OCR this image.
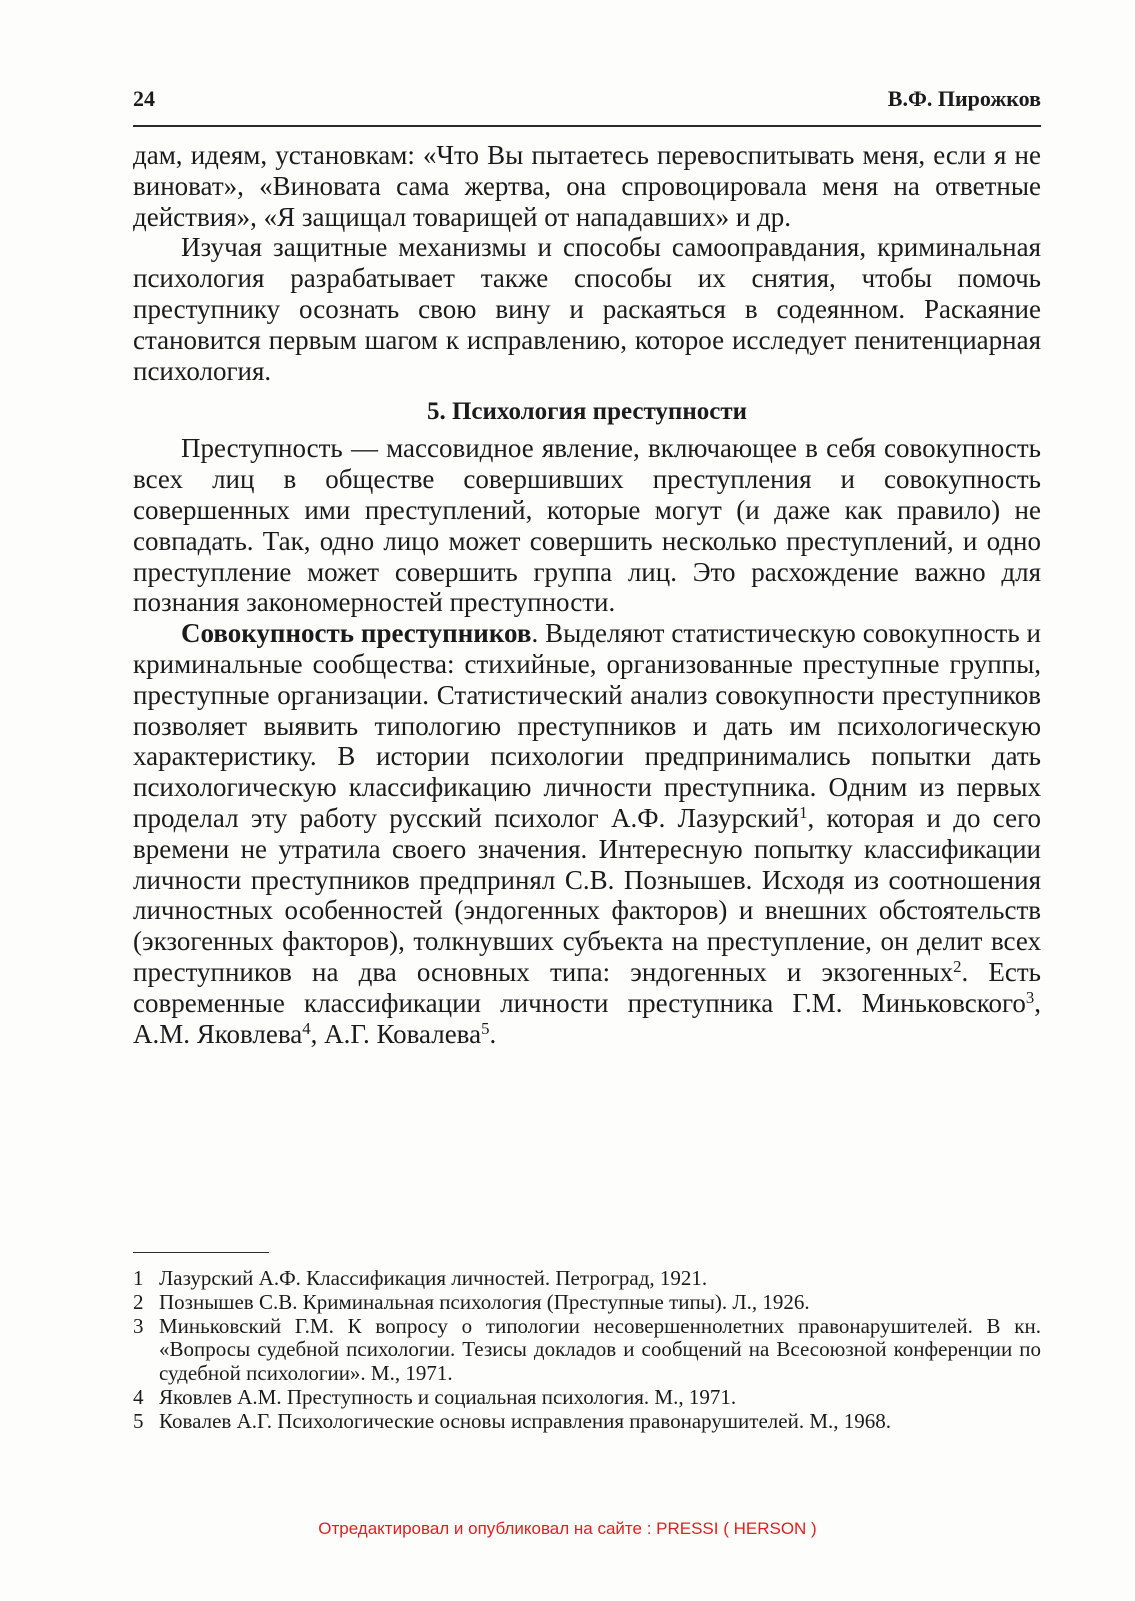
24	В.Ф. Пирожков

дам, идеям, установкам: «Что Вы пытаетесь перевоспитывать меня, если я не виноват», «Виновата сама жертва, она спровоцировала меня на ответные действия», «Я защищал товарищей от нападавших» и др.

Изучая защитные механизмы и способы самооправдания, криминальная психология разрабатывает также способы их снятия, чтобы помочь преступнику осознать свою вину и раскаяться в содеянном. Раскаяние становится первым шагом к исправлению, которое исследует пенитенциарная психология.

5. Психология преступности

Преступность — массовидное явление, включающее в себя совокупность всех лиц в обществе совершивших преступления и совокупность совершенных ими преступлений, которые могут (и даже как правило) не совпадать. Так, одно лицо может совершить несколько преступлений, и одно преступление может совершить группа лиц. Это расхождение важно для познания закономерностей преступности.

Совокупность преступников. Выделяют статистическую совокупность и криминальные сообщества: стихийные, организованные преступные группы, преступные организации. Статистический анализ совокупности преступников позволяет выявить типологию преступников и дать им психологическую характеристику. В истории психологии предпринимались попытки дать психологическую классификацию личности преступника. Одним из первых проделал эту работу русский психолог А.Ф. Лазурский$^1$, которая и до сего времени не утратила своего значения. Интересную попытку классификации личности преступников предпринял С.В. Познышев. Исходя из соотношения личностных особенностей (эндогенных факторов) и внешних обстоятельств (экзогенных факторов), толкнувших субъекта на преступление, он делит всех преступников на два основных типа: эндогенных и экзогенных$^2$. Есть современные классификации личности преступника Г.М. Миньковского$^3$, А.М. Яковлева$^4$, А.Г. Ковалева$^5$.

1 Лазурский А.Ф. Классификация личностей. Петроград, 1921.
2 Познышев С.В. Криминальная психология (Преступные типы). Л., 1926.
3 Миньковский Г.М. К вопросу о типологии несовершеннолетних правонарушителей. В кн. «Вопросы судебной психологии. Тезисы докладов и сообщений на Всесоюзной конференции по судебной психологии». М., 1971.
4 Яковлев А.М. Преступность и социальная психология. М., 1971.
5 Ковалев А.Г. Психологические основы исправления правонарушителей. М., 1968.
Отредактировал и опубликовал на сайте : PRESSI ( HERSON )
